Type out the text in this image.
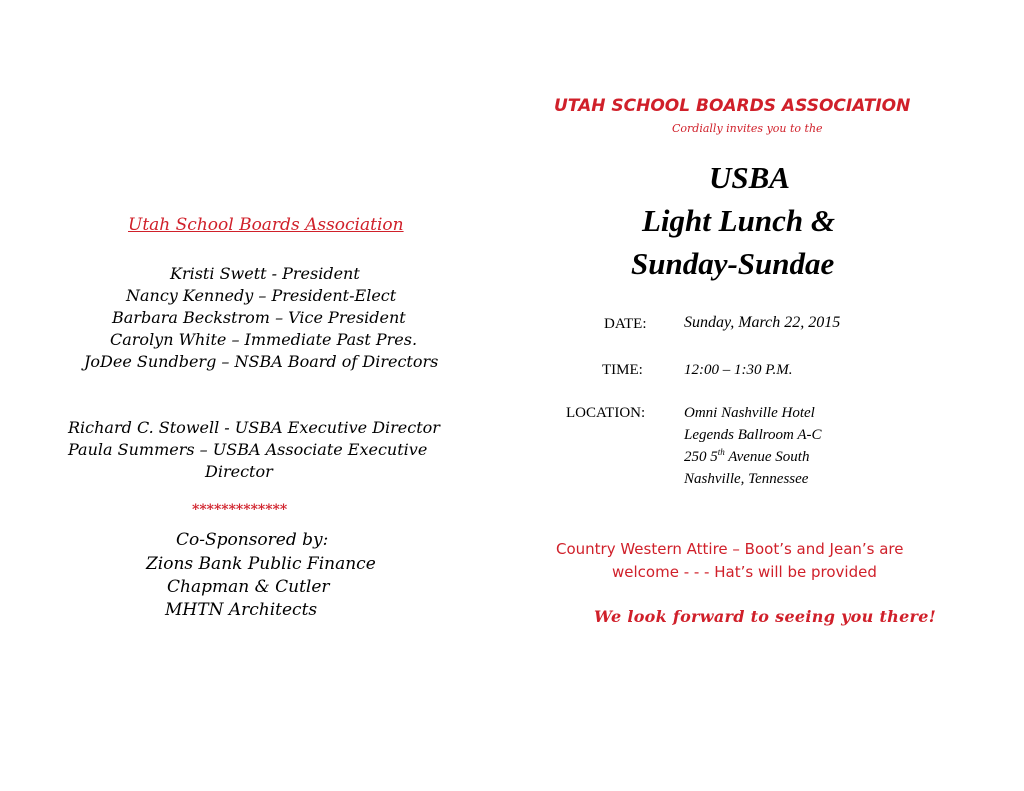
Utah School Boards Association
Kristi Swett - President
Nancy Kennedy – President-Elect
Barbara Beckstrom – Vice President
Carolyn White – Immediate Past Pres.
JoDee Sundberg – NSBA Board of Directors
Richard C. Stowell - USBA Executive Director
Paula Summers – USBA Associate Executive
Director
*************
Co-Sponsored by:
Zions Bank Public Finance
Chapman & Cutler
MHTN Architects
UTAH SCHOOL BOARDS ASSOCIATION
Cordially invites you to the
USBA
Light Lunch &
Sunday-Sundae
DATE: Sunday, March 22, 2015
TIME:	12:00 – 1:30 P.M.
LOCATION:	Omni Nashville Hotel
Legends Ballroom A-C
250 5th Avenue South
Nashville, Tennessee
Country Western Attire – Boot’s and Jean’s are
welcome - - - Hat’s will be provided
We look forward to seeing you there!
